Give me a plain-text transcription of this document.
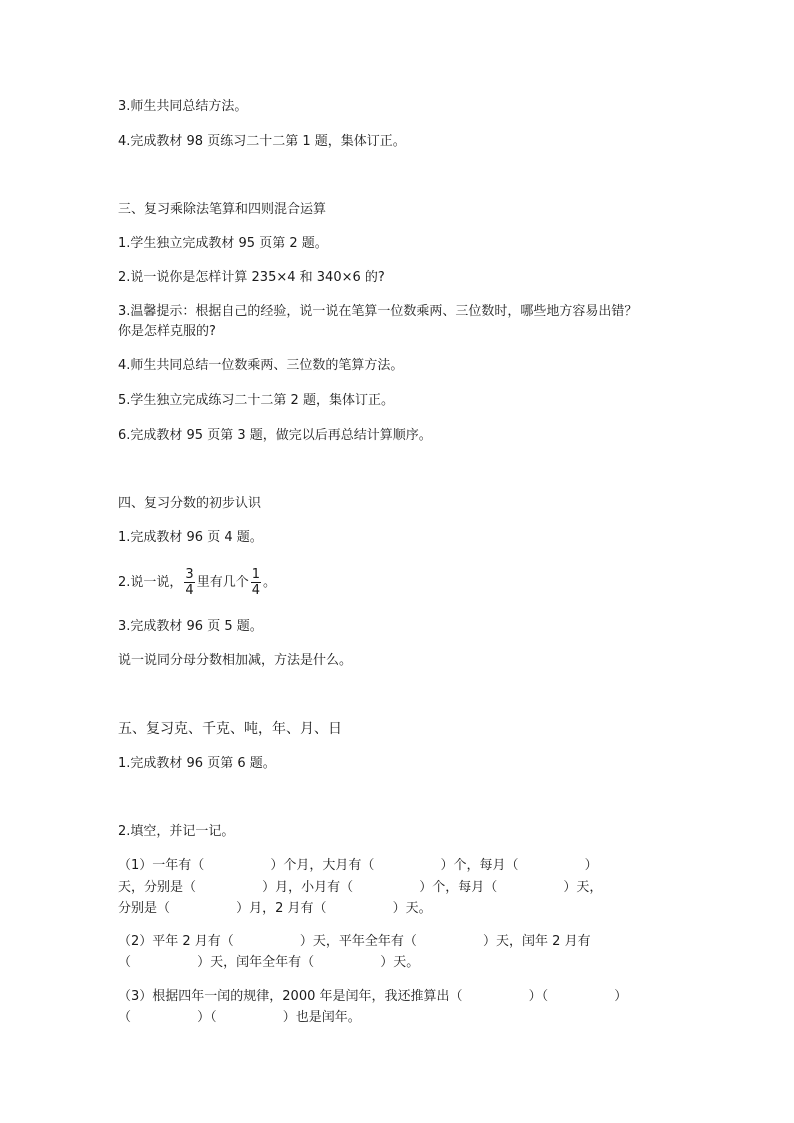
3.师生共同总结方法。
4.完成教材 98 页练习二十二第 1 题，集体订正。
三、复习乘除法笔算和四则混合运算
1.学生独立完成教材 95 页第 2 题。
2.说一说你是怎样计算 235×4 和 340×6 的?
3.温馨提示：根据自己的经验，说一说在笔算一位数乘两、三位数时，哪些地方容易出错？
你是怎样克服的?
4.师生共同总结一位数乘两、三位数的笔算方法。
5.学生独立完成练习二十二第 2 题，集体订正。
6.完成教材 95 页第 3 题，做完以后再总结计算顺序。
四、复习分数的初步认识
1.完成教材 96 页 4 题。
2.说一说， $\frac{3}{4}$ 里有几个 $\frac{1}{4}$ 。
3.完成教材 96 页 5 题。
说一说同分母分数相加减，方法是什么。
五、复习克、千克、吨，年、月、日
1.完成教材 96 页第 6 题。
2.填空，并记一记。
（1）一年有（                ）个月，大月有（                ）个，每月（                ）
天，分别是（                ）月，小月有（                ）个，每月（                ）天，
分别是（                ）月，2 月有（                ）天。
（2）平年 2 月有（                ）天，平年全年有（                ）天，闰年 2 月有
（                ）天，闰年全年有（                ）天。
（3）根据四年一闰的规律，2000 年是闰年，我还推算出（                ）（                ）
（                ）（                ）也是闰年。
